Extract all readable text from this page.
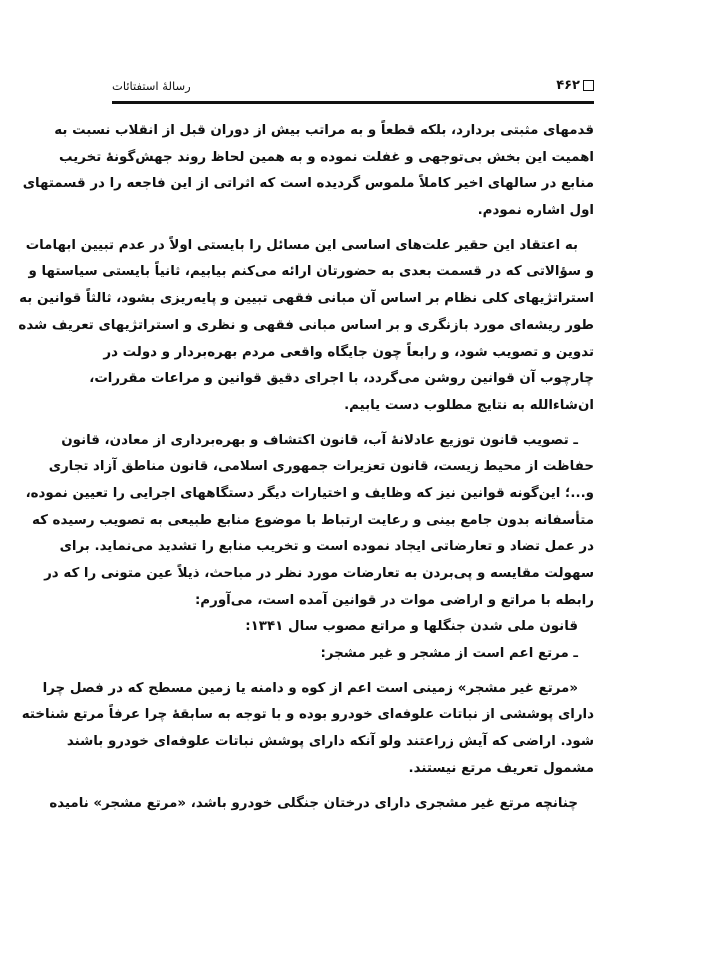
۴۶۲
رسالهٔ استفتائات
قدمهای مثبتی بردارد، بلکه قطعاً و به مراتب بیش از دوران قبل از انقلاب نسبت به
اهمیت این بخش بی‌توجهی و غفلت نموده و به همین لحاظ روند جهش‌گونهٔ تخریب
منابع در سالهای اخیر کاملاً ملموس گردیده است که اثراتی از این فاجعه را در قسمتهای
اول اشاره نمودم.
به اعتقاد این حقیر علت‌های اساسی این مسائل را بایستی اولاً در عدم تبیین ابهامات
و سؤالاتی که در قسمت بعدی به حضورتان ارائه می‌کنم بیابیم، ثانیاً بایستی سیاستها و
استراتژیهای کلی نظام بر اساس آن مبانی فقهی تبیین و پایه‌ریزی بشود، ثالثاً قوانین به
طور ریشه‌ای مورد بازنگری و بر اساس مبانی فقهی و نظری و استراتژیهای تعریف شده
تدوین و تصویب شود، و رابعاً چون جایگاه واقعی مردم بهره‌بردار و دولت در
چارچوب آن قوانین روشن می‌گردد، با اجرای دقیق قوانین و مراعات مقررات،
ان‌شاءالله به نتایج مطلوب دست یابیم.
ـ تصویب قانون توزیع عادلانهٔ آب، قانون اکتشاف و بهره‌برداری از معادن، قانون
حفاظت از محیط زیست، قانون تعزیرات جمهوری اسلامی، قانون مناطق آزاد تجاری
و...؛ این‌گونه قوانین نیز که وظایف و اختیارات دیگر دستگاههای اجرایی را تعیین نموده،
متأسفانه بدون جامع بینی و رعایت ارتباط با موضوع منابع طبیعی به تصویب رسیده که
در عمل تضاد و تعارضاتی ایجاد نموده است و تخریب منابع را تشدید می‌نماید. برای
سهولت مقایسه و پی‌بردن به تعارضات مورد نظر در مباحث، ذیلاً عین متونی را که در
رابطه با مراتع و اراضی موات در قوانین آمده است، می‌آورم:
قانون ملی شدن جنگلها و مراتع مصوب سال ۱۳۴۱:
ـ مرتع اعم است از مشجر و غیر مشجر:
«مرتع غیر مشجر» زمینی است اعم از کوه و دامنه یا زمین مسطح که در فصل چرا
دارای پوششی از نباتات علوفه‌ای خودرو بوده و با توجه به سابقهٔ چرا عرفاً مرتع شناخته
شود. اراضی که آیش زراعتند ولو آنکه دارای پوشش نباتات علوفه‌ای خودرو باشند
مشمول تعریف مرتع نیستند.
چنانچه مرتع غیر مشجری دارای درختان جنگلی خودرو باشد، «مرتع مشجر» نامیده
